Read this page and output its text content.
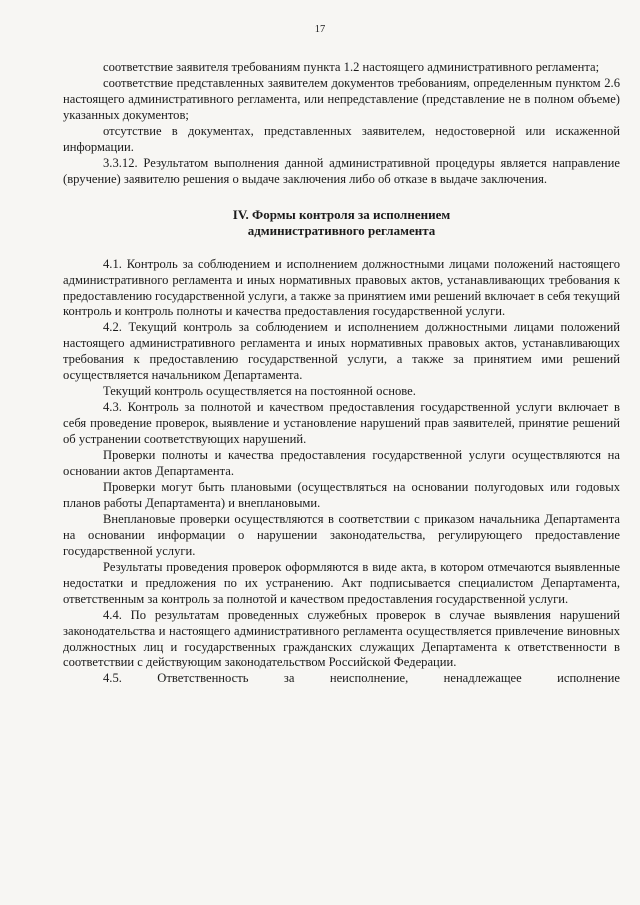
17

соответствие заявителя требованиям пункта 1.2 настоящего административного регламента;

соответствие представленных заявителем документов требованиям, определенным пунктом 2.6 настоящего административного регламента, или непредставление (представление не в полном объеме) указанных документов;

отсутствие в документах, представленных заявителем, недостоверной или искаженной информации.

3.3.12. Результатом выполнения данной административной процедуры является направление (вручение) заявителю решения о выдаче заключения либо об отказе в выдаче заключения.

IV. Формы контроля за исполнением
административного регламента

4.1. Контроль за соблюдением и исполнением должностными лицами положений настоящего административного регламента и иных нормативных правовых актов, устанавливающих требования к предоставлению государственной услуги, а также за принятием ими решений включает в себя текущий контроль и контроль полноты и качества предоставления государственной услуги.

4.2. Текущий контроль за соблюдением и исполнением должностными лицами положений настоящего административного регламента и иных нормативных правовых актов, устанавливающих требования к предоставлению государственной услуги, а также за принятием ими решений осуществляется начальником Департамента.

Текущий контроль осуществляется на постоянной основе.

4.3. Контроль за полнотой и качеством предоставления государственной услуги включает в себя проведение проверок, выявление и установление нарушений прав заявителей, принятие решений об устранении соответствующих нарушений.

Проверки полноты и качества предоставления государственной услуги осуществляются на основании актов Департамента.

Проверки могут быть плановыми (осуществляться на основании полугодовых или годовых планов работы Департамента) и внеплановыми.

Внеплановые проверки осуществляются в соответствии с приказом начальника Департамента на основании информации о нарушении законодательства, регулирующего предоставление государственной услуги.

Результаты проведения проверок оформляются в виде акта, в котором отмечаются выявленные недостатки и предложения по их устранению. Акт подписывается специалистом Департамента, ответственным за контроль за полнотой и качеством предоставления государственной услуги.

4.4. По результатам проведенных служебных проверок в случае выявления нарушений законодательства и настоящего административного регламента осуществляется привлечение виновных должностных лиц и государственных гражданских служащих Департамента к ответственности в соответствии с действующим законодательством Российской Федерации.

4.5. Ответственность за неисполнение, ненадлежащее исполнение
